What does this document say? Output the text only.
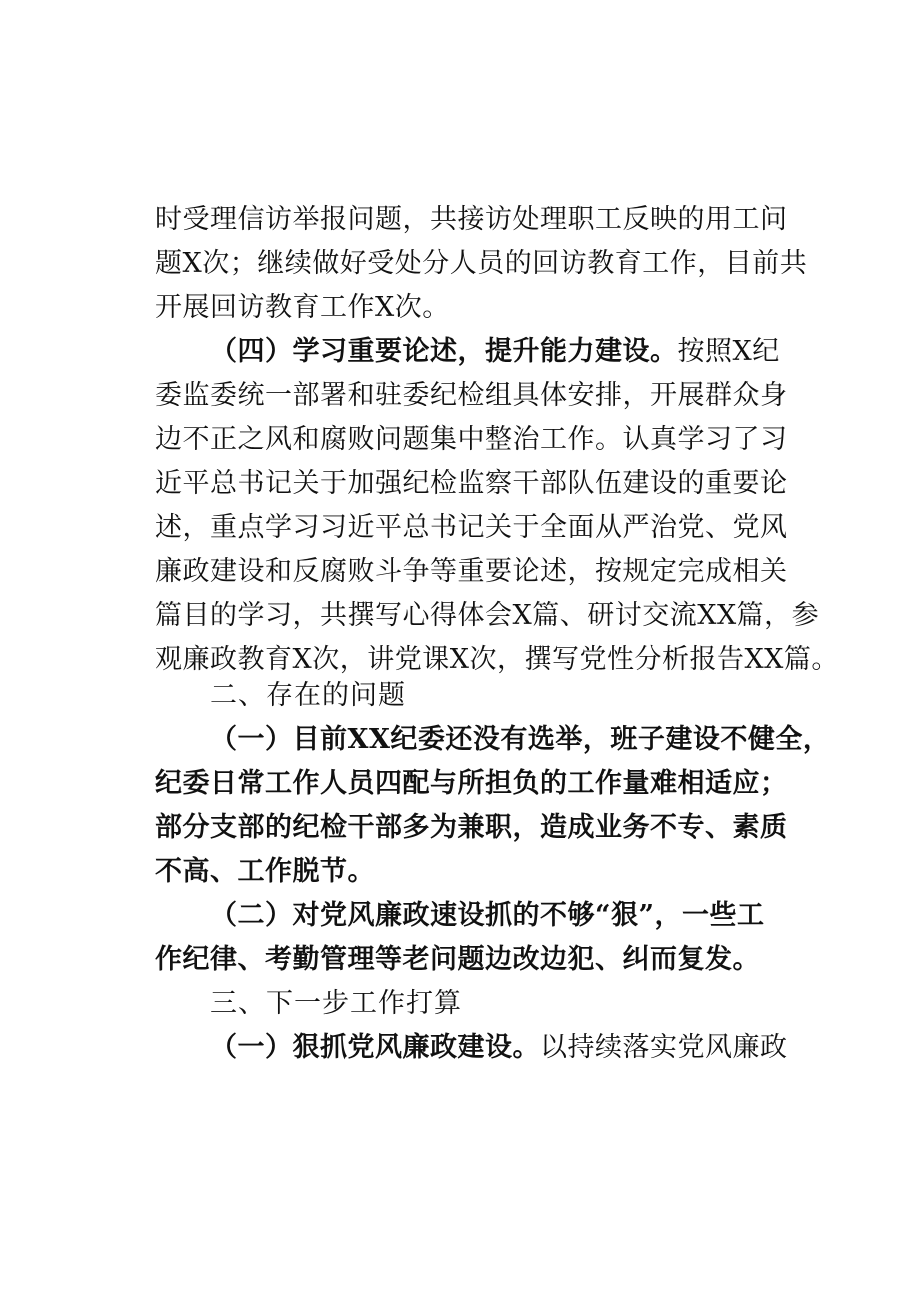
时受理信访举报问题，共接访处理职工反映的用工问
题X次；继续做好受处分人员的回访教育工作，目前共
开展回访教育工作X次。
（四）学习重要论述，提升能力建设。按照X纪
委监委统一部署和驻委纪检组具体安排，开展群众身
边不正之风和腐败问题集中整治工作。认真学习了习
近平总书记关于加强纪检监察干部队伍建设的重要论
述，重点学习习近平总书记关于全面从严治党、党风
廉政建设和反腐败斗争等重要论述，按规定完成相关
篇目的学习，共撰写心得体会X篇、研讨交流XX篇，参
观廉政教育X次，讲党课X次，撰写党性分析报告XX篇。
二、存在的问题
（一）目前XX纪委还没有选举，班子建设不健全，
纪委日常工作人员四配与所担负的工作量难相适应；
部分支部的纪检干部多为兼职，造成业务不专、素质
不高、工作脱节。
（二）对党风廉政速设抓的不够“狠”，一些工
作纪律、考勤管理等老问题边改边犯、纠而复发。
三、下一步工作打算
（一）狠抓党风廉政建设。以持续落实党风廉政
